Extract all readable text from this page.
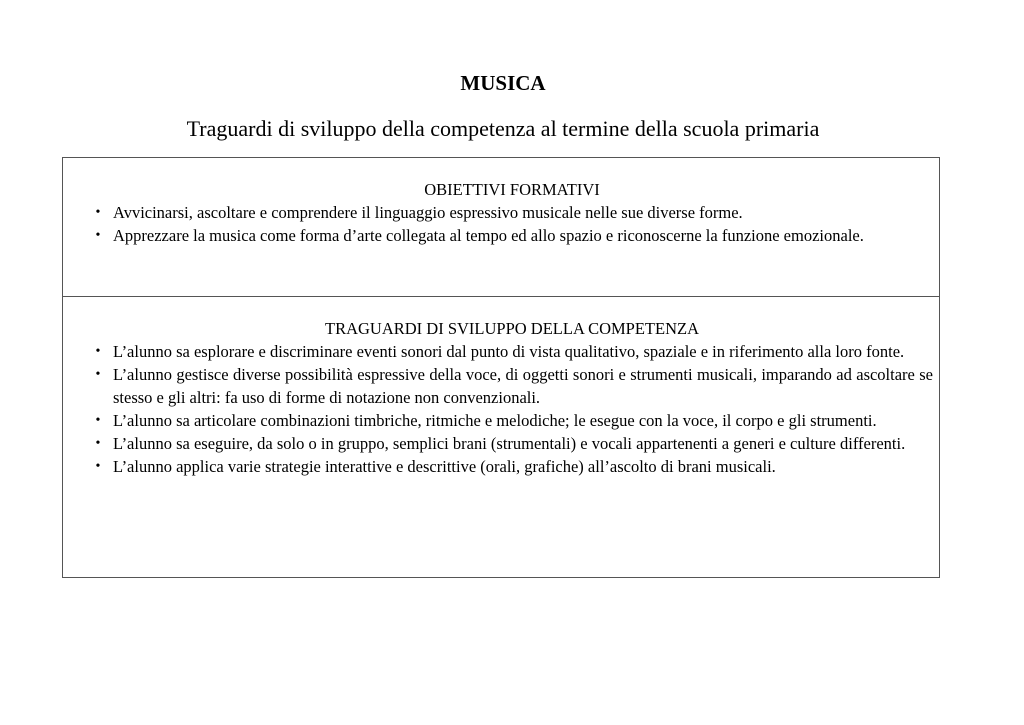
MUSICA
Traguardi di sviluppo della competenza al termine della scuola primaria

OBIETTIVI FORMATIVI

• Avvicinarsi, ascoltare e comprendere il linguaggio espressivo musicale nelle sue diverse forme.
• Apprezzare la musica come forma d’arte collegata al tempo ed allo spazio e riconoscerne la funzione emozionale.

TRAGUARDI DI SVILUPPO DELLA COMPETENZA

• L’alunno sa esplorare e discriminare eventi sonori dal punto di vista qualitativo, spaziale e in riferimento alla loro fonte.
• L’alunno gestisce diverse possibilità espressive della voce, di oggetti sonori e strumenti musicali, imparando ad ascoltare se stesso e gli altri: fa uso di forme di notazione non convenzionali.
• L’alunno sa articolare combinazioni timbriche, ritmiche e melodiche; le esegue con la voce, il corpo e gli strumenti.
• L’alunno sa eseguire, da solo o in gruppo, semplici brani (strumentali) e vocali appartenenti a generi e culture differenti.
• L’alunno applica varie strategie interattive e descrittive (orali, grafiche) all’ascolto di brani musicali.
